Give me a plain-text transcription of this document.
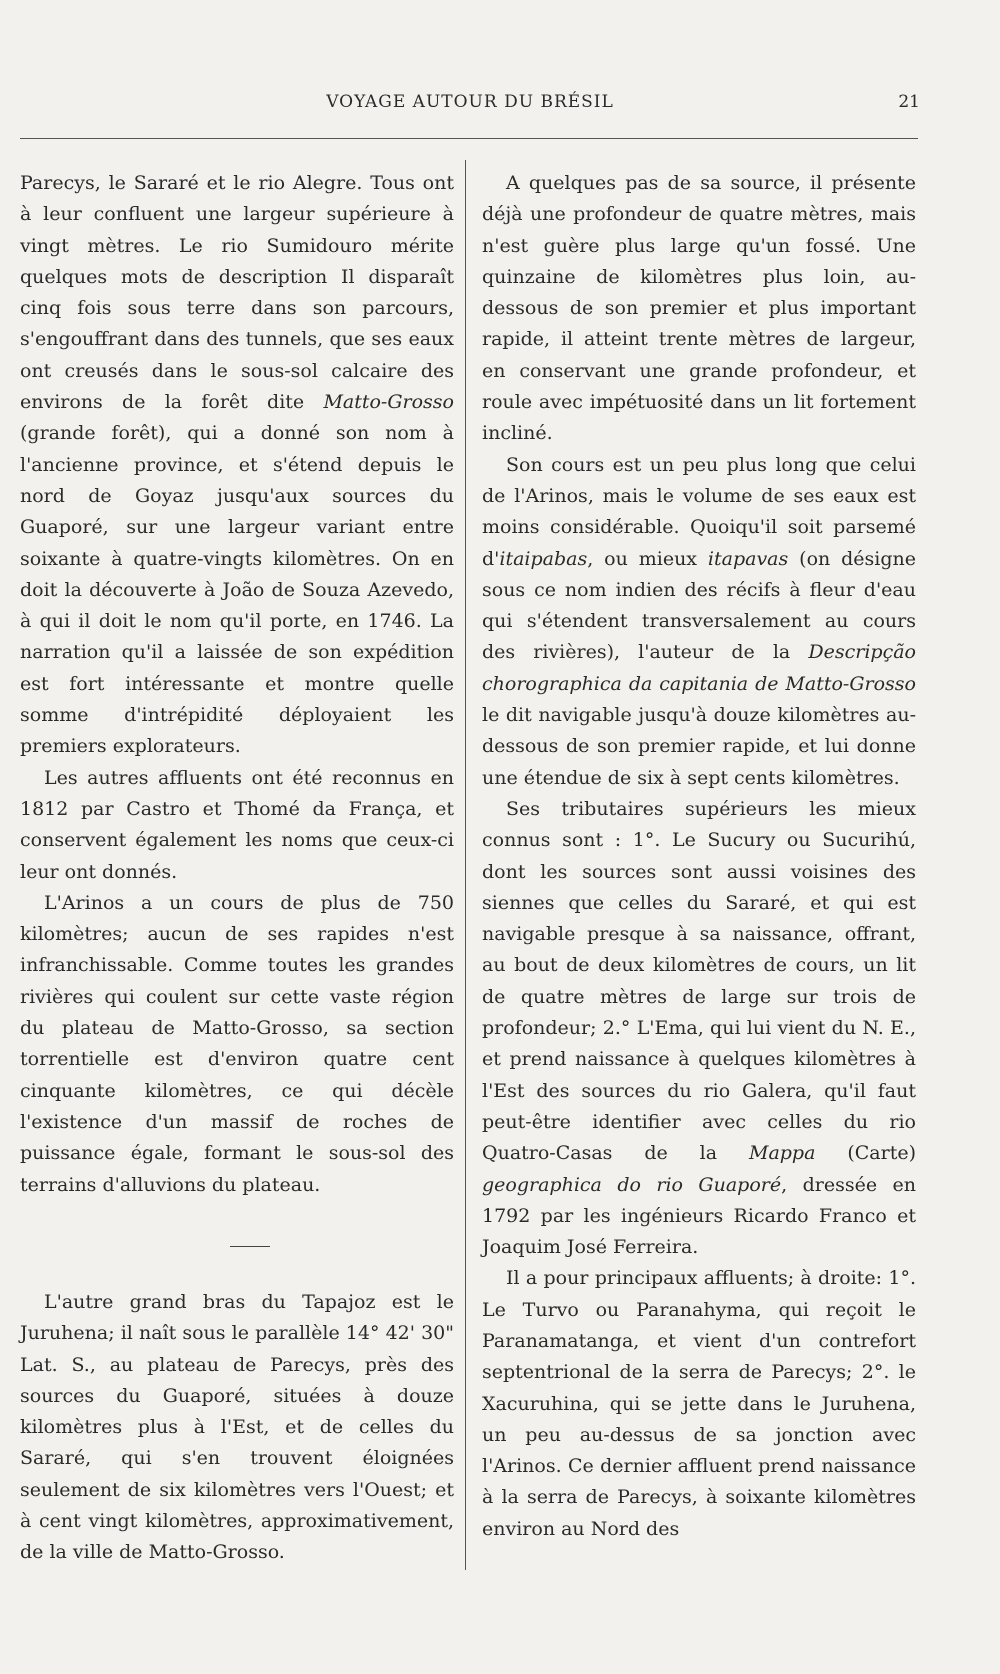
VOYAGE AUTOUR DU BRÉSIL	21

Parecys, le Sararé et le rio Alegre. Tous ont à leur confluent une largeur supérieure à vingt mètres. Le rio Sumidouro mérite quelques mots de description Il disparaît cinq fois sous terre dans son parcours, s'engouffrant dans des tunnels, que ses eaux ont creusés dans le sous-sol calcaire des environs de la forêt dite Matto-Grosso (grande forêt), qui a donné son nom à l'ancienne province, et s'étend depuis le nord de Goyaz jusqu'aux sources du Guaporé, sur une largeur variant entre soixante à quatre-vingts kilomètres. On en doit la découverte à João de Souza Azevedo, à qui il doit le nom qu'il porte, en 1746. La narration qu'il a laissée de son expédition est fort intéressante et montre quelle somme d'intrépidité déployaient les premiers explorateurs.

Les autres affluents ont été reconnus en 1812 par Castro et Thomé da França, et conservent également les noms que ceux-ci leur ont donnés.

L'Arinos a un cours de plus de 750 kilomètres; aucun de ses rapides n'est infranchissable. Comme toutes les grandes rivières qui coulent sur cette vaste région du plateau de Matto-Grosso, sa section torrentielle est d'environ quatre cent cinquante kilomètres, ce qui décèle l'existence d'un massif de roches de puissance égale, formant le sous-sol des terrains d'alluvions du plateau.

L'autre grand bras du Tapajoz est le Juruhena; il naît sous le parallèle 14° 42' 30" Lat. S., au plateau de Parecys, près des sources du Guaporé, situées à douze kilomètres plus à l'Est, et de celles du Sararé, qui s'en trouvent éloignées seulement de six kilomètres vers l'Ouest; et à cent vingt kilomètres, approximativement, de la ville de Matto-Grosso.

A quelques pas de sa source, il présente déjà une profondeur de quatre mètres, mais n'est guère plus large qu'un fossé. Une quinzaine de kilomètres plus loin, au-dessous de son premier et plus important rapide, il atteint trente mètres de largeur, en conservant une grande profondeur, et roule avec impétuosité dans un lit fortement incliné.

Son cours est un peu plus long que celui de l'Arinos, mais le volume de ses eaux est moins considérable. Quoiqu'il soit parsemé d'itaipabas, ou mieux itapavas (on désigne sous ce nom indien des récifs à fleur d'eau qui s'étendent transversalement au cours des rivières), l'auteur de la Descripção chorographica da capitania de Matto-Grosso le dit navigable jusqu'à douze kilomètres au-dessous de son premier rapide, et lui donne une étendue de six à sept cents kilomètres.

Ses tributaires supérieurs les mieux connus sont : 1°. Le Sucury ou Sucurihú, dont les sources sont aussi voisines des siennes que celles du Sararé, et qui est navigable presque à sa naissance, offrant, au bout de deux kilomètres de cours, un lit de quatre mètres de large sur trois de profondeur; 2.° L'Ema, qui lui vient du N. E., et prend naissance à quelques kilomètres à l'Est des sources du rio Galera, qu'il faut peut-être identifier avec celles du rio Quatro-Casas de la Mappa (Carte) geographica do rio Guaporé, dressée en 1792 par les ingénieurs Ricardo Franco et Joaquim José Ferreira.

Il a pour principaux affluents; à droite: 1°. Le Turvo ou Paranahyma, qui reçoit le Paranamatanga, et vient d'un contrefort septentrional de la serra de Parecys; 2°. le Xacuruhina, qui se jette dans le Juruhena, un peu au-dessus de sa jonction avec l'Arinos. Ce dernier affluent prend naissance à la serra de Parecys, à soixante kilomètres environ au Nord des
